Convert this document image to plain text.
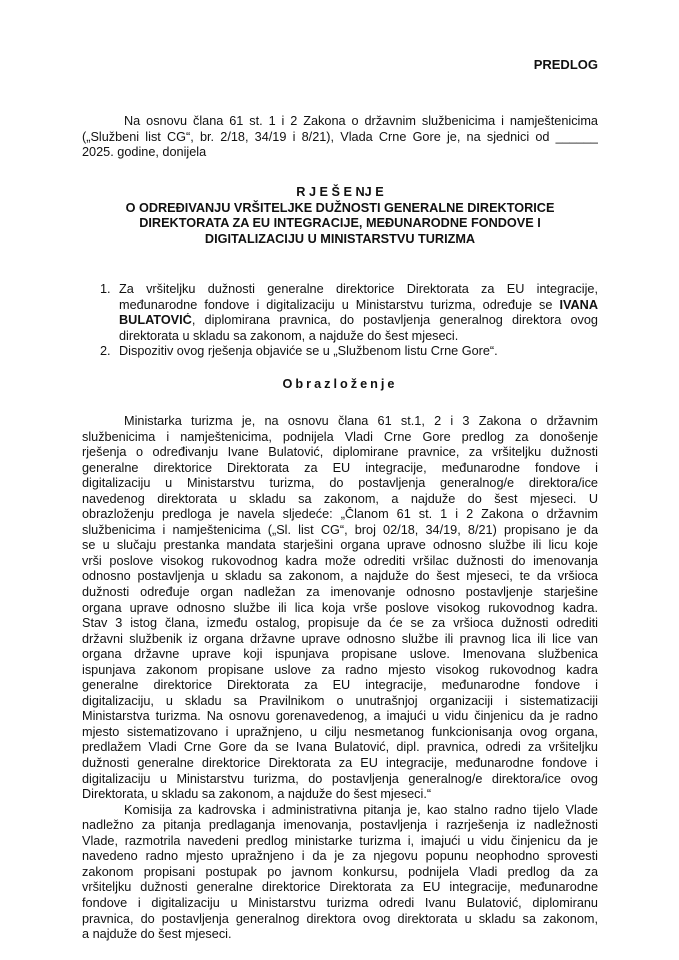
PREDLOG
Na osnovu člana 61 st. 1 i 2 Zakona o državnim službenicima i namještenicima
(„Službeni list CG“, br. 2/18, 34/19 i 8/21), Vlada Crne Gore je, na sjednici od ______
2025. godine, donijela
R J E Š E NJ E
O ODREĐIVANJU VRŠITELJKE DUŽNOSTI GENERALNE DIREKTORICE
DIREKTORATA ZA EU INTEGRACIJE, MEĐUNARODNE FONDOVE I
DIGITALIZACIJU U MINISTARSTVU TURIZMA
1. Za vršiteljku dužnosti generalne direktorice Direktorata za EU integracije,
međunarodne fondove i digitalizaciju u Ministarstvu turizma, određuje se IVANA
BULATOVIĆ, diplomirana pravnica, do postavljenja generalnog direktora ovog
direktorata u skladu sa zakonom, a najduže do šest mjeseci.
2. Dispozitiv ovog rješenja objaviće se u „Službenom listu Crne Gore“.
Obrazloženje
Ministarka turizma je, na osnovu člana 61 st.1, 2 i 3 Zakona o državnim
službenicima i namještenicima, podnijela Vladi Crne Gore predlog za donošenje
rješenja o određivanju Ivane Bulatović, diplomirane pravnice, za vršiteljku dužnosti
generalne direktorice Direktorata za EU integracije, međunarodne fondove i
digitalizaciju u Ministarstvu turizma, do postavljenja generalnog/e direktora/ice
navedenog direktorata u skladu sa zakonom, a najduže do šest mjeseci. U
obrazloženju predloga je navela sljedeće: „Članom 61 st. 1 i 2 Zakona o državnim
službenicima i namještenicima („Sl. list CG“, broj 02/18, 34/19, 8/21) propisano je da
se u slučaju prestanka mandata starješini organa uprave odnosno službe ili licu koje
vrši poslove visokog rukovodnog kadra može odrediti vršilac dužnosti do imenovanja
odnosno postavljenja u skladu sa zakonom, a najduže do šest mjeseci, te da vršioca
dužnosti određuje organ nadležan za imenovanje odnosno postavljenje starješine
organa uprave odnosno službe ili lica koja vrše poslove visokog rukovodnog kadra.
Stav 3 istog člana, između ostalog, propisuje da će se za vršioca dužnosti odrediti
državni službenik iz organa državne uprave odnosno službe ili pravnog lica ili lice van
organa državne uprave koji ispunjava propisane uslove. Imenovana službenica
ispunjava zakonom propisane uslove za radno mjesto visokog rukovodnog kadra
generalne direktorice Direktorata za EU integracije, međunarodne fondove i
digitalizaciju, u skladu sa Pravilnikom o unutrašnjoj organizaciji i sistematizaciji
Ministarstva turizma. Na osnovu gorenavedenog, a imajući u vidu činjenicu da je radno
mjesto sistematizovano i upražnjeno, u cilju nesmetanog funkcionisanja ovog organa,
predlažem Vladi Crne Gore da se Ivana Bulatović, dipl. pravnica, odredi za vršiteljku
dužnosti generalne direktorice Direktorata za EU integracije, međunarodne fondove i
digitalizaciju u Ministarstvu turizma, do postavljenja generalnog/e direktora/ice ovog
Direktorata, u skladu sa zakonom, a najduže do šest mjeseci.“
Komisija za kadrovska i administrativna pitanja je, kao stalno radno tijelo Vlade
nadležno za pitanja predlaganja imenovanja, postavljenja i razrješenja iz nadležnosti
Vlade, razmotrila navedeni predlog ministarke turizma i, imajući u vidu činjenicu da je
navedeno radno mjesto upražnjeno i da je za njegovu popunu neophodno sprovesti
zakonom propisani postupak po javnom konkursu, podnijela Vladi predlog da za
vršiteljku dužnosti generalne direktorice Direktorata za EU integracije, međunarodne
fondove i digitalizaciju u Ministarstvu turizma odredi Ivanu Bulatović, diplomiranu
pravnica, do postavljenja generalnog direktora ovog direktorata u skladu sa zakonom,
a najduže do šest mjeseci.
